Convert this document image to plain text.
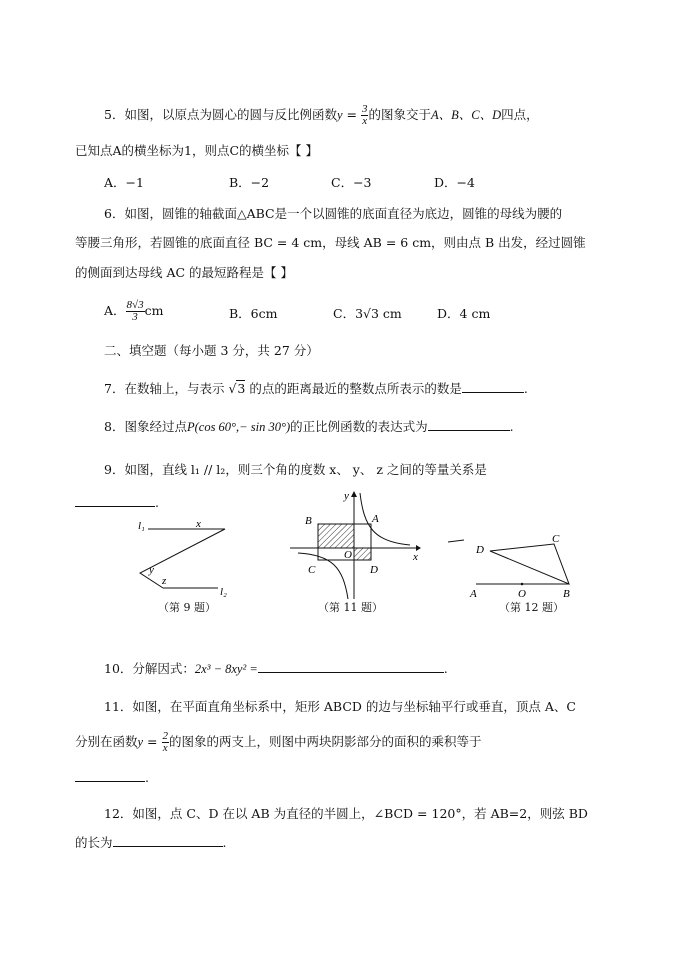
5．如图，以原点为圆心的圆与反比例函数$y = \frac{3}{x}$ 的图象交于A、B、C、D四点，
已知点A的横坐标为1，则点C的横坐标【 】
A．−1	B．−2	C．−3	D．−4
6．如图，圆锥的轴截面△ABC是一个以圆锥的底面直径为底边，圆锥的母线为腰的
等腰三角形，若圆锥的底面直径 BC = 4 cm，母线 AB = 6 cm，则由点 B 出发，经过圆锥
的侧面到达母线 AC 的最短路程是【 】
A． $\frac{8√3}{3}$ cm	B．6cm	C．3√3 cm	D．4 cm
二、填空题（每小题 3 分，共 27 分）
7．在数轴上，与表示 √3 的点的距离最近的整数点所表示的数是	.
8．图象经过点P(cos 60°,− sin 30°)的正比例函数的表达式为	.
9．如图，直线 l₁ // l₂，则三个角的度数 x、 y、 z 之间的等量关系是
.
l₁
l₂
x
y
z
（第 9 题）
B	A
C	D
O	x
y
（第 11 题）
D
C
A	O	B
（第 12 题）
10．分解因式：2x³ − 8xy² =	.
11．如图，在平面直角坐标系中，矩形 ABCD 的边与坐标轴平行或垂直，顶点 A、C
分别在函数$y = \frac{2}{x}$ 的图象的两支上，则图中两块阴影部分的面积的乘积等于
.
12．如图，点 C、D 在以 AB 为直径的半圆上，∠BCD = 120°，若 AB=2，则弦 BD
的长为	.
